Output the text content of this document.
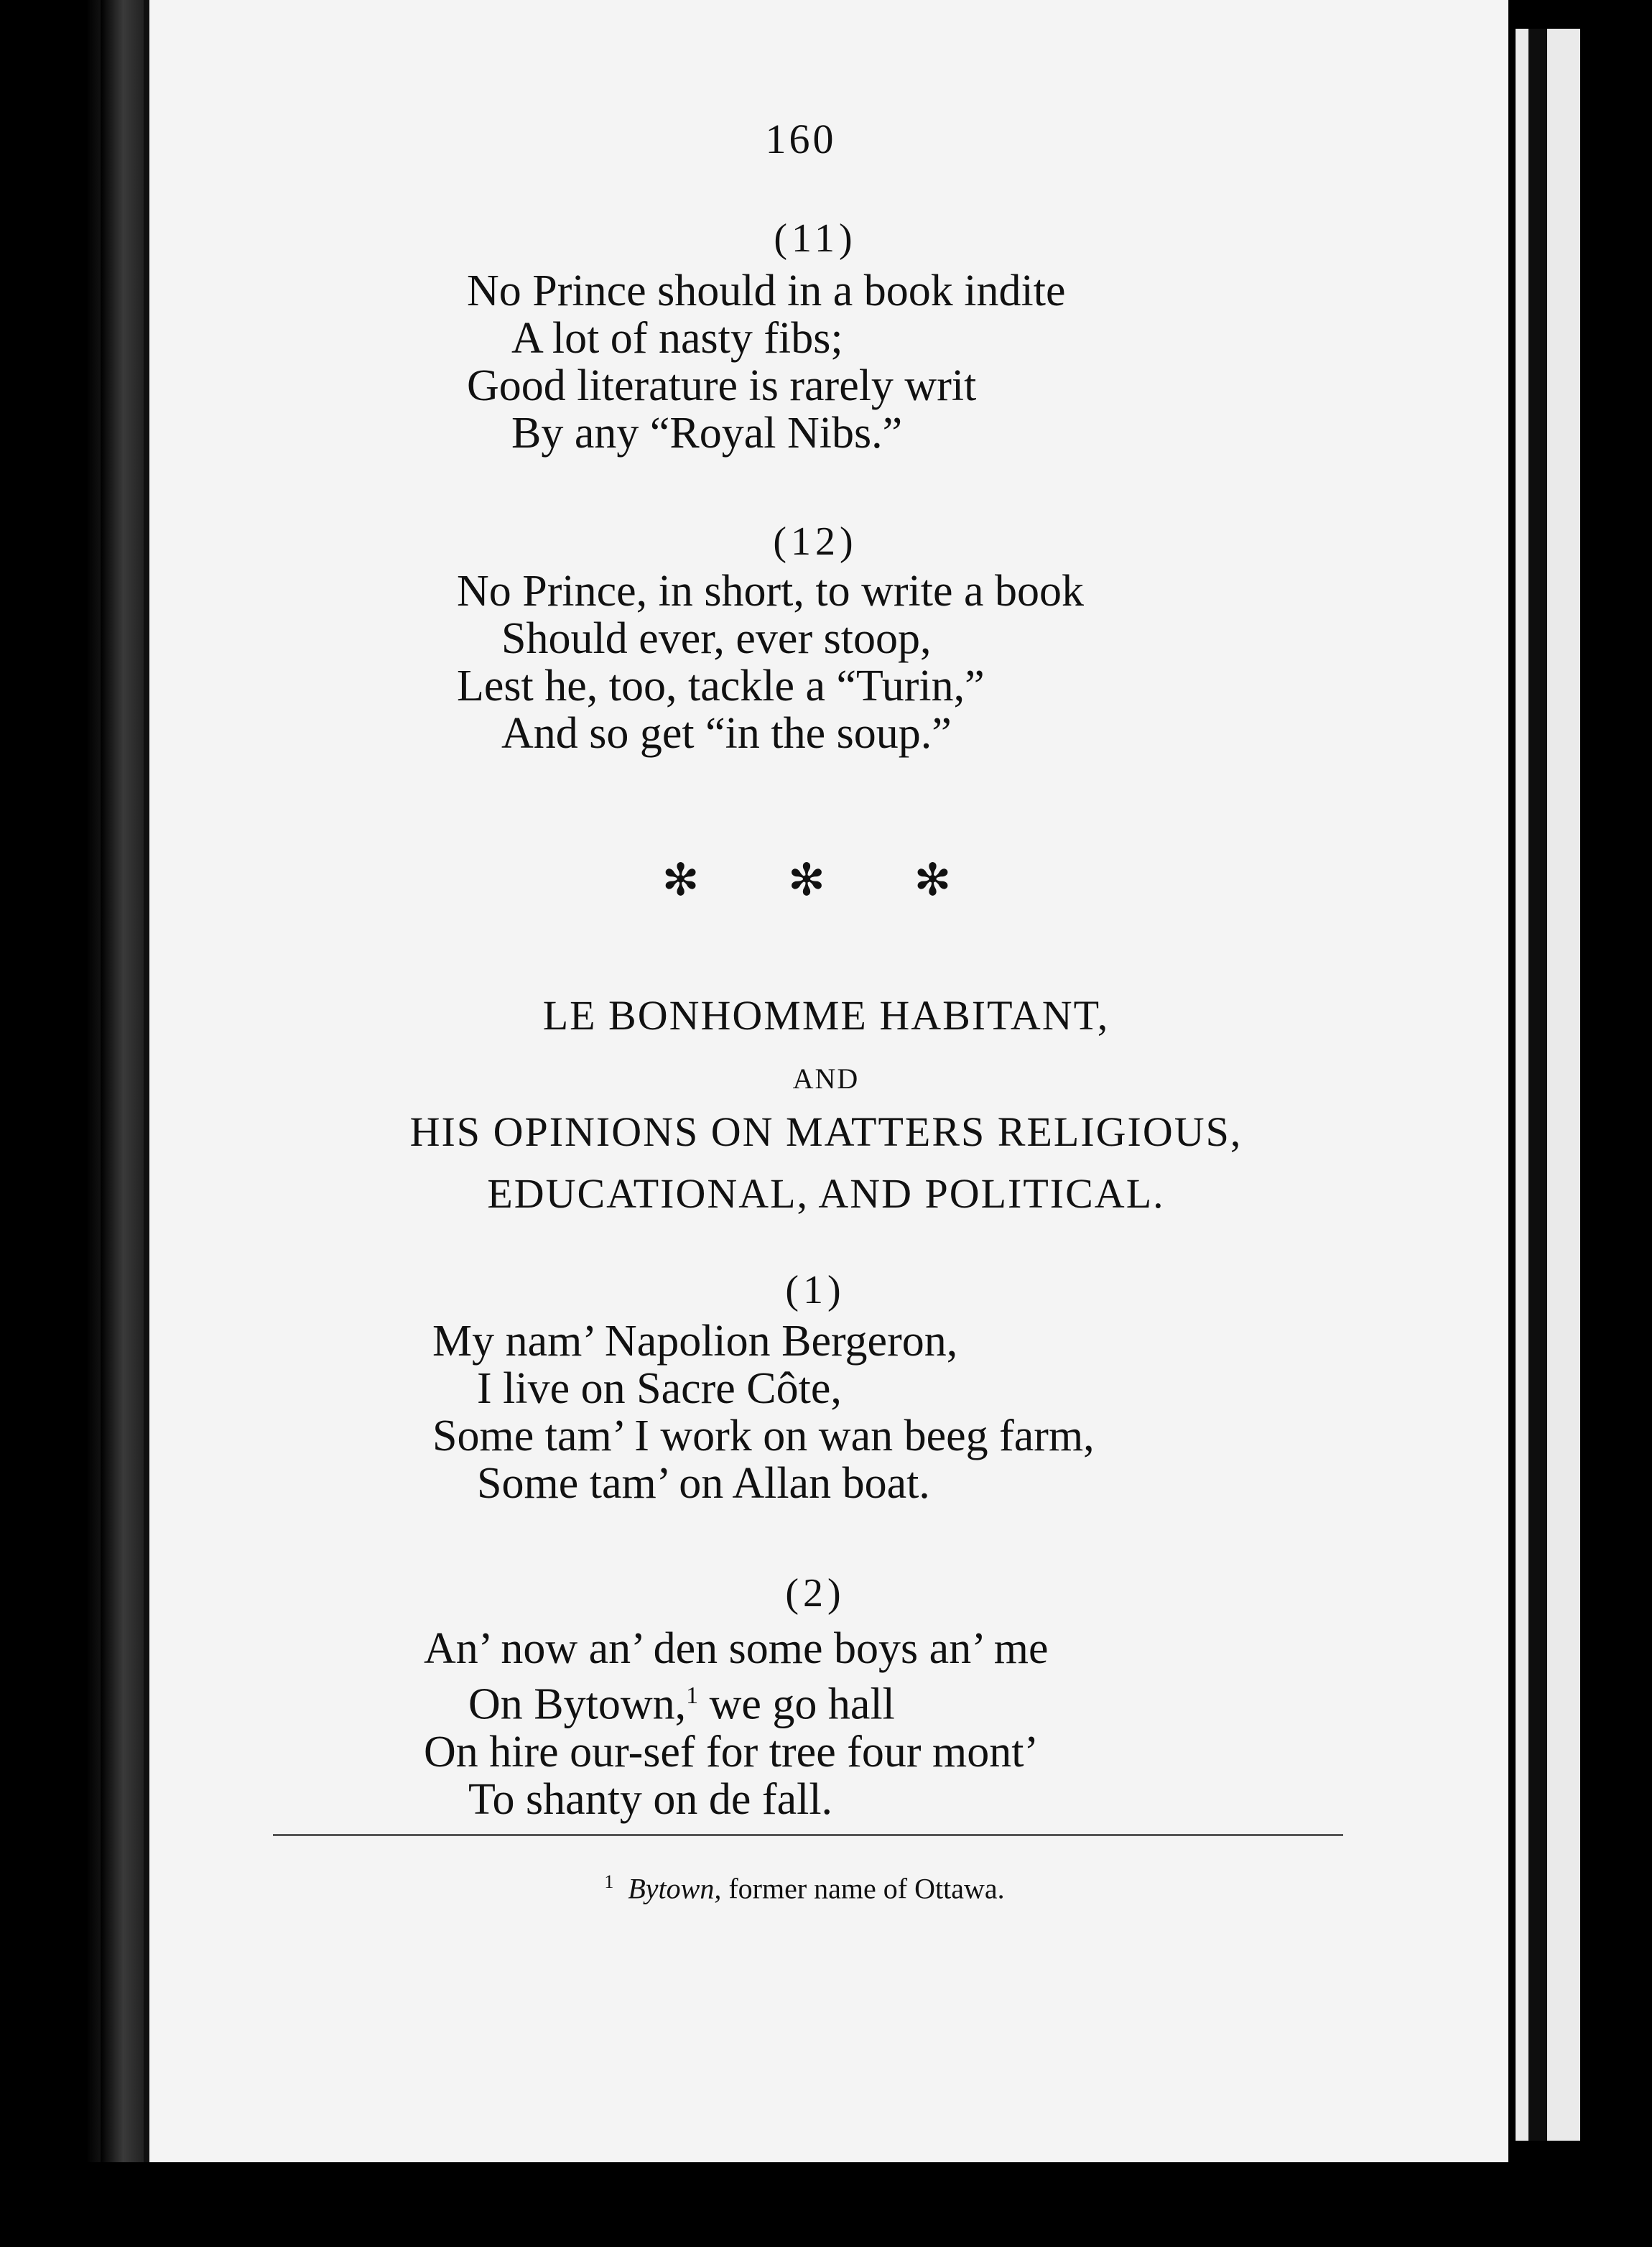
160
(11)
No Prince should in a book indite
A lot of nasty fibs;
Good literature is rarely writ
By any “Royal Nibs.”
(12)
No Prince, in short, to write a book
Should ever, ever stoop,
Lest he, too, tackle a “Turin,”
And so get “in the soup.”
✻ ✻ ✻
LE BONHOMME HABITANT,
AND
HIS OPINIONS ON MATTERS RELIGIOUS,
EDUCATIONAL, AND POLITICAL.
(1)
My nam’ Napolion Bergeron,
I live on Sacre Côte,
Some tam’ I work on wan beeg farm,
Some tam’ on Allan boat.
(2)
An’ now an’ den some boys an’ me
On Bytown,$^1$ we go hall
On hire our-sef for tree four mont’
To shanty on de fall.
$^1$ Bytown, former name of Ottawa.
